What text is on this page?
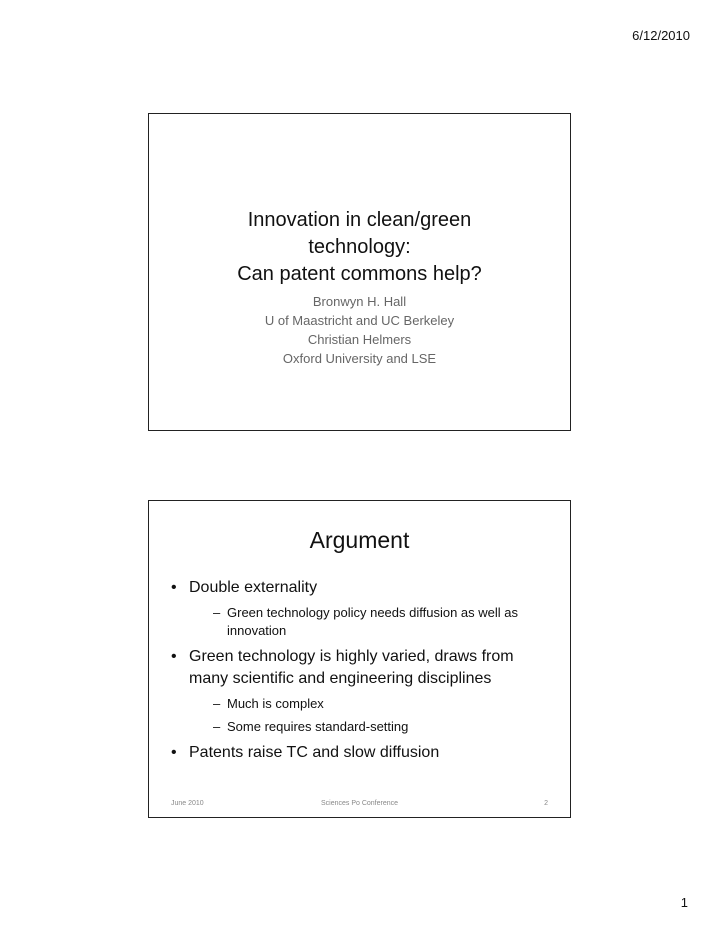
6/12/2010
Innovation in clean/green
technology:
Can patent commons help?
Bronwyn H. Hall
U of Maastricht and UC Berkeley
Christian Helmers
Oxford University and LSE
Argument
• Double externality
– Green technology policy needs diffusion as well as innovation
• Green technology is highly varied, draws from many scientific and engineering disciplines
– Much is complex
– Some requires standard-setting
• Patents raise TC and slow diffusion
June 2010	Sciences Po Conference	2
1
